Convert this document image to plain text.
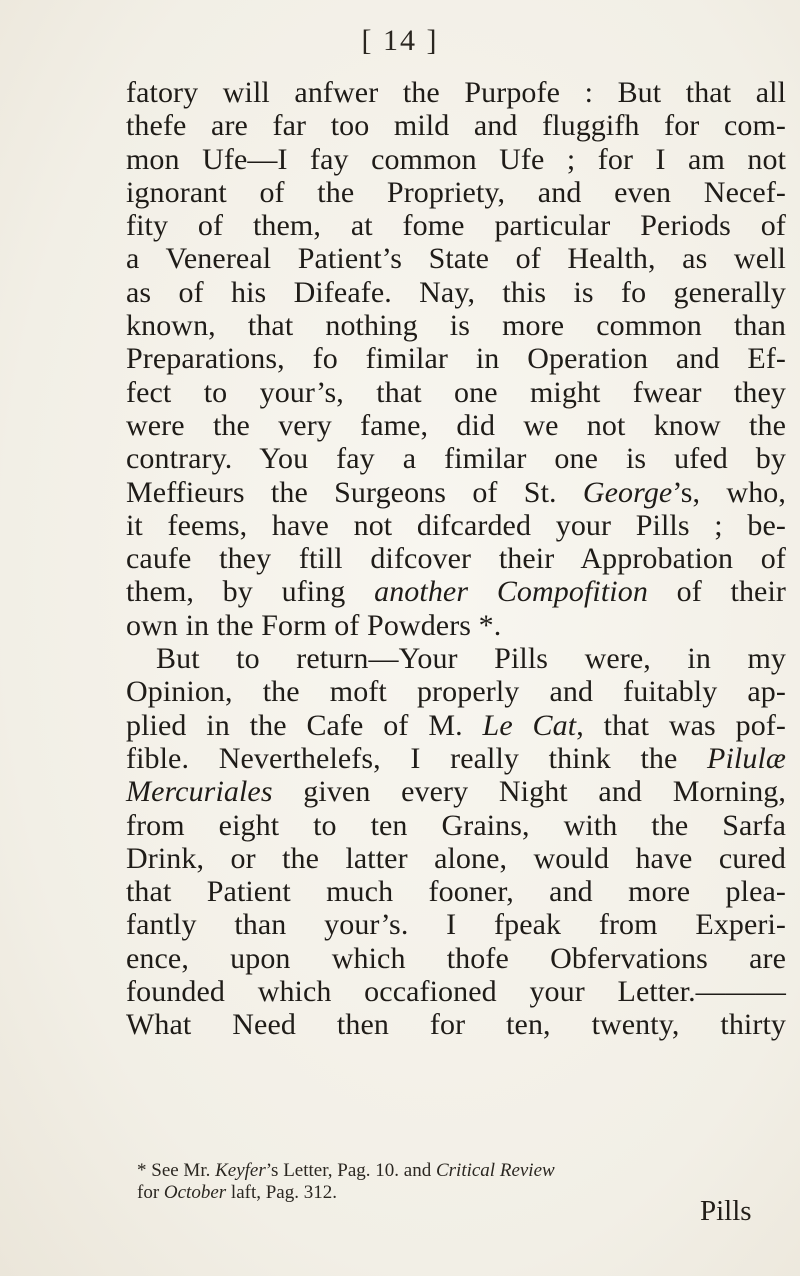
[ 14 ]
fatory will anfwer the Purpofe : But that all
thefe are far too mild and fluggifh for com-
mon Ufe—I fay common Ufe ; for I am not
ignorant of the Propriety, and even Necef-
fity of them, at fome particular Periods of
a Venereal Patient’s State of Health, as well
as of his Difeafe. Nay, this is fo generally
known, that nothing is more common than
Preparations, fo fimilar in Operation and Ef-
fect to your’s, that one might fwear they
were the very fame, did we not know the
contrary. You fay a fimilar one is ufed by
Meffieurs the Surgeons of St. George’s, who,
it feems, have not difcarded your Pills ; be-
caufe they ftill difcover their Approbation of
them, by ufing another Compofition of their
own in the Form of Powders *.
But to return—Your Pills were, in my
Opinion, the moft properly and fuitably ap-
plied in the Cafe of M. Le Cat, that was pof-
fible. Neverthelefs, I really think the Pilulæ
Mercuriales given every Night and Morning,
from eight to ten Grains, with the Sarfa
Drink, or the latter alone, would have cured
that Patient much fooner, and more plea-
fantly than your’s. I fpeak from Experi-
ence, upon which thofe Obfervations are
founded which occafioned your Letter.———
What Need then for ten, twenty, thirty
* See Mr. Keyfer’s Letter, Pag. 10. and Critical Review
for October laft, Pag. 312.
Pills
